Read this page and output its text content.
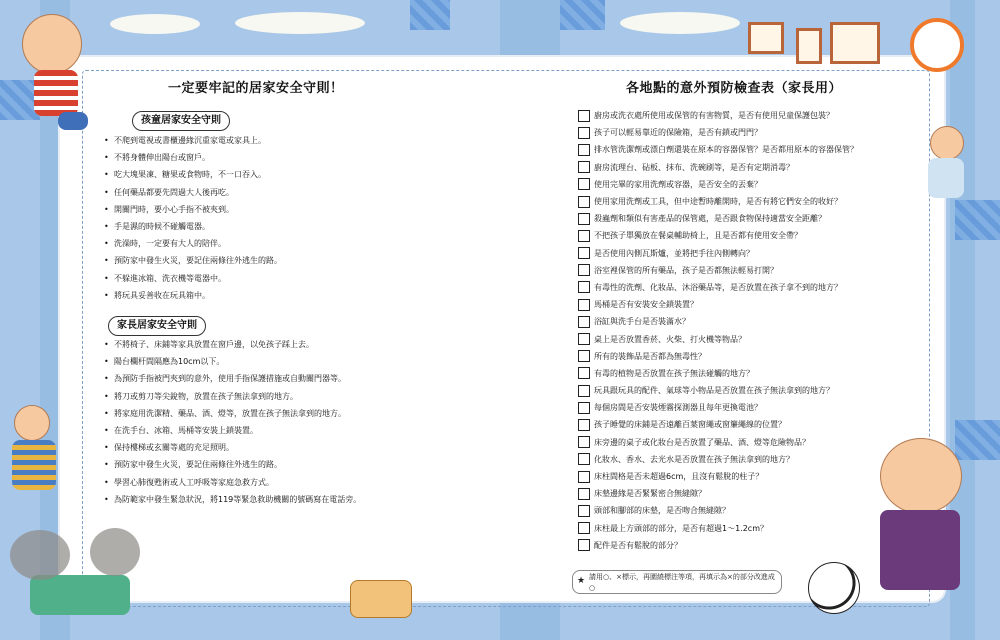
一定要牢記的居家安全守則！
孩童居家安全守則
• 不爬到電視或書櫃邊緣沉重家電或家具上。
• 不將身體伸出陽台或窗戶。
• 吃大塊果凍、糖果或食物時，不一口吞入。
• 任何藥品都要先問過大人後再吃。
• 開關門時，要小心手指不被夾到。
• 手是濕的時候不碰觸電器。
• 洗澡時，一定要有大人的陪伴。
• 預防家中發生火災，要記住兩條往外逃生的路。
• 不躲進冰箱、洗衣機等電器中。
• 將玩具妥善收在玩具箱中。
家長居家安全守則
• 不將椅子、床鋪等家具放置在窗戶邊，以免孩子踩上去。
• 陽台欄杆間隔應為10cm以下。
• 為預防手指被門夾到的意外，使用手指保護措施或自動關門器等。
• 將刀或剪刀等尖銳物，放置在孩子無法拿到的地方。
• 將家庭用洗潔精、藥品、酒、燈等，放置在孩子無法拿到的地方。
• 在洗手台、冰箱、馬桶等安裝上鎖裝置。
• 保持樓梯或玄關等處的充足照明。
• 預防家中發生火災，要記住兩條往外逃生的路。
• 學習心肺復甦術或人工呼吸等家庭急救方式。
• 為防範家中發生緊急狀況，將119等緊急救助機關的號碼寫在電話旁。
各地點的意外預防檢查表（家長用）
廚房或洗衣處所使用或保管的有害物質，是否有使用兒童保護包裝？
孩子可以輕易靠近的保險箱，是否有鎖或門門？
排水管洗潔劑或漂白劑還裝在原本的容器保管？是否都用原本的容器保管？
廚房流理台、砧板、抹布、洗碗刷等，是否有定期消毒？
使用完畢的家用洗劑或容器，是否安全的丟棄？
使用家用洗劑或工具，但中途暫時離開時，是否有將它們安全的收好？
殺蟲劑和類似有害產品的保管處，是否跟食物保持適當安全距離？
不把孩子單獨放在餐桌輔助椅上，且是否都有使用安全帶？
是否使用內側瓦斯爐，並將把手往內側轉向？
浴室裡保管的所有藥品，孩子是否都無法輕易打開？
有毒性的洗劑、化妝品、沐浴藥品等，是否放置在孩子拿不到的地方？
馬桶是否有安裝安全鎖裝置？
浴缸與洗手台是否裝滿水？
桌上是否放置香菸、火柴、打火機等物品？
所有的裝飾品是否都為無毒性？
有毒的植物是否放置在孩子無法碰觸的地方？
玩具跟玩具的配件、氣球等小物品是否放置在孩子無法拿到的地方？
每個房間是否安裝煙霧探測器且每年更換電池？
孩子睡覺的床鋪是否遠離百葉窗繩或窗簾繩線的位置？
床旁邊的桌子或化妝台是否放置了藥品、酒、燈等危險物品？
化妝水、香水、去光水是否放置在孩子無法拿到的地方？
床柱間格是否未超過6cm，且沒有鬆脫的柱子？
床墊邊緣是否緊緊密合無縫隙？
頭部和腳部的床墊，是否吻合無縫隙？
床柱最上方頭部的部分，是否有超過1～1.2cm？
配件是否有鬆脫的部分？
★ 請用○、×標示，再圍繞標注等項，再填示為×的部分改進成○
